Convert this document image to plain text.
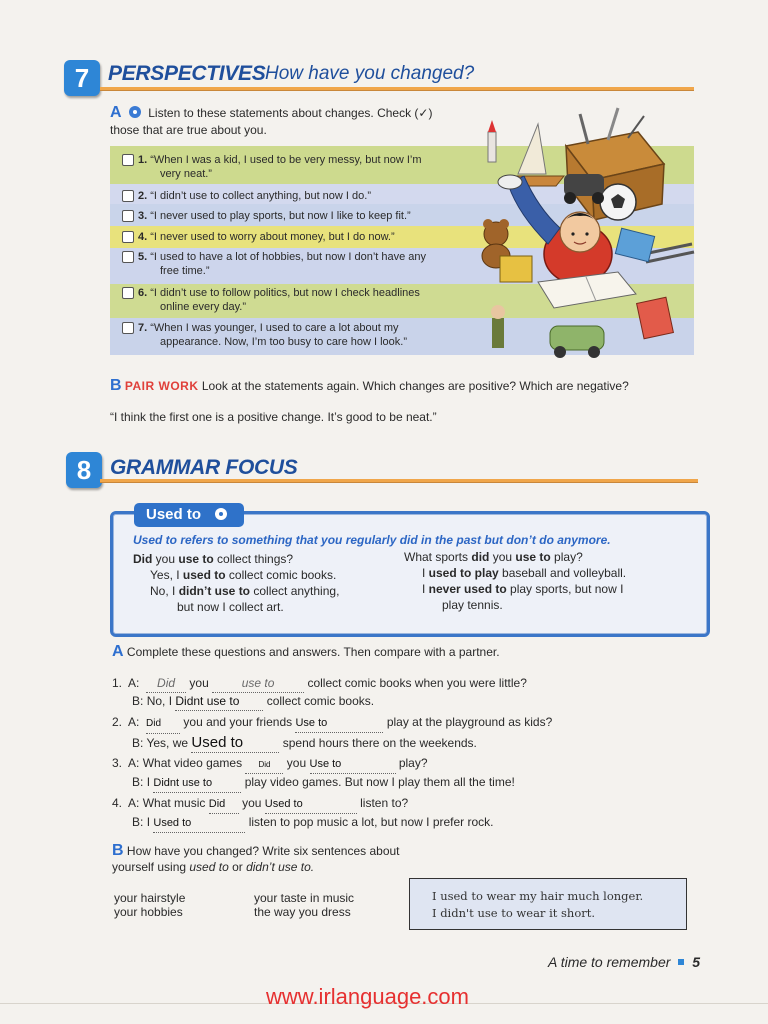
7 PERSPECTIVES How have you changed?
A Listen to these statements about changes. Check (✓)
those that are true about you.
1. “When I was a kid, I used to be very messy, but now I’m
very neat.”
2. “I didn’t use to collect anything, but now I do.”
3. “I never used to play sports, but now I like to keep fit.”
4. “I never used to worry about money, but I do now.”
5. “I used to have a lot of hobbies, but now I don’t have any
free time.”
6. “I didn’t use to follow politics, but now I check headlines
online every day.”
7. “When I was younger, I used to care a lot about my
appearance. Now, I’m too busy to care how I look.”
B PAIR WORK Look at the statements again. Which changes are positive? Which are negative?
“I think the first one is a positive change. It’s good to be neat.”
8 GRAMMAR FOCUS
Used to
Used to refers to something that you regularly did in the past but don’t do anymore.
Did you use to collect things?
Yes, I used to collect comic books.
No, I didn’t use to collect anything,
but now I collect art.
What sports did you use to play?
I used to play baseball and volleyball.
I never used to play sports, but now I
play tennis.
A Complete these questions and answers. Then compare with a partner.
1. A: Did you	use to	collect comic books when you were little?
B: No, I Didnt use to collect comic books.
2. A: Did you and your friends Use to	play at the playground as kids?
B: Yes, we Used to	spend hours there on the weekends.
3. A: What video games Did you Use to	play?
B: I Didnt use to	play video games. But now I play them all the time!
4. A: What music Did you Used to	listen to?
B: I Used to	listen to pop music a lot, but now I prefer rock.
B How have you changed? Write six sentences about
yourself using used to or didn’t use to.
your hairstyle
your hobbies
your taste in music
the way you dress
I used to wear my hair much longer.
I didn't use to wear it short.
A time to remember 5
www.irlanguage.com
